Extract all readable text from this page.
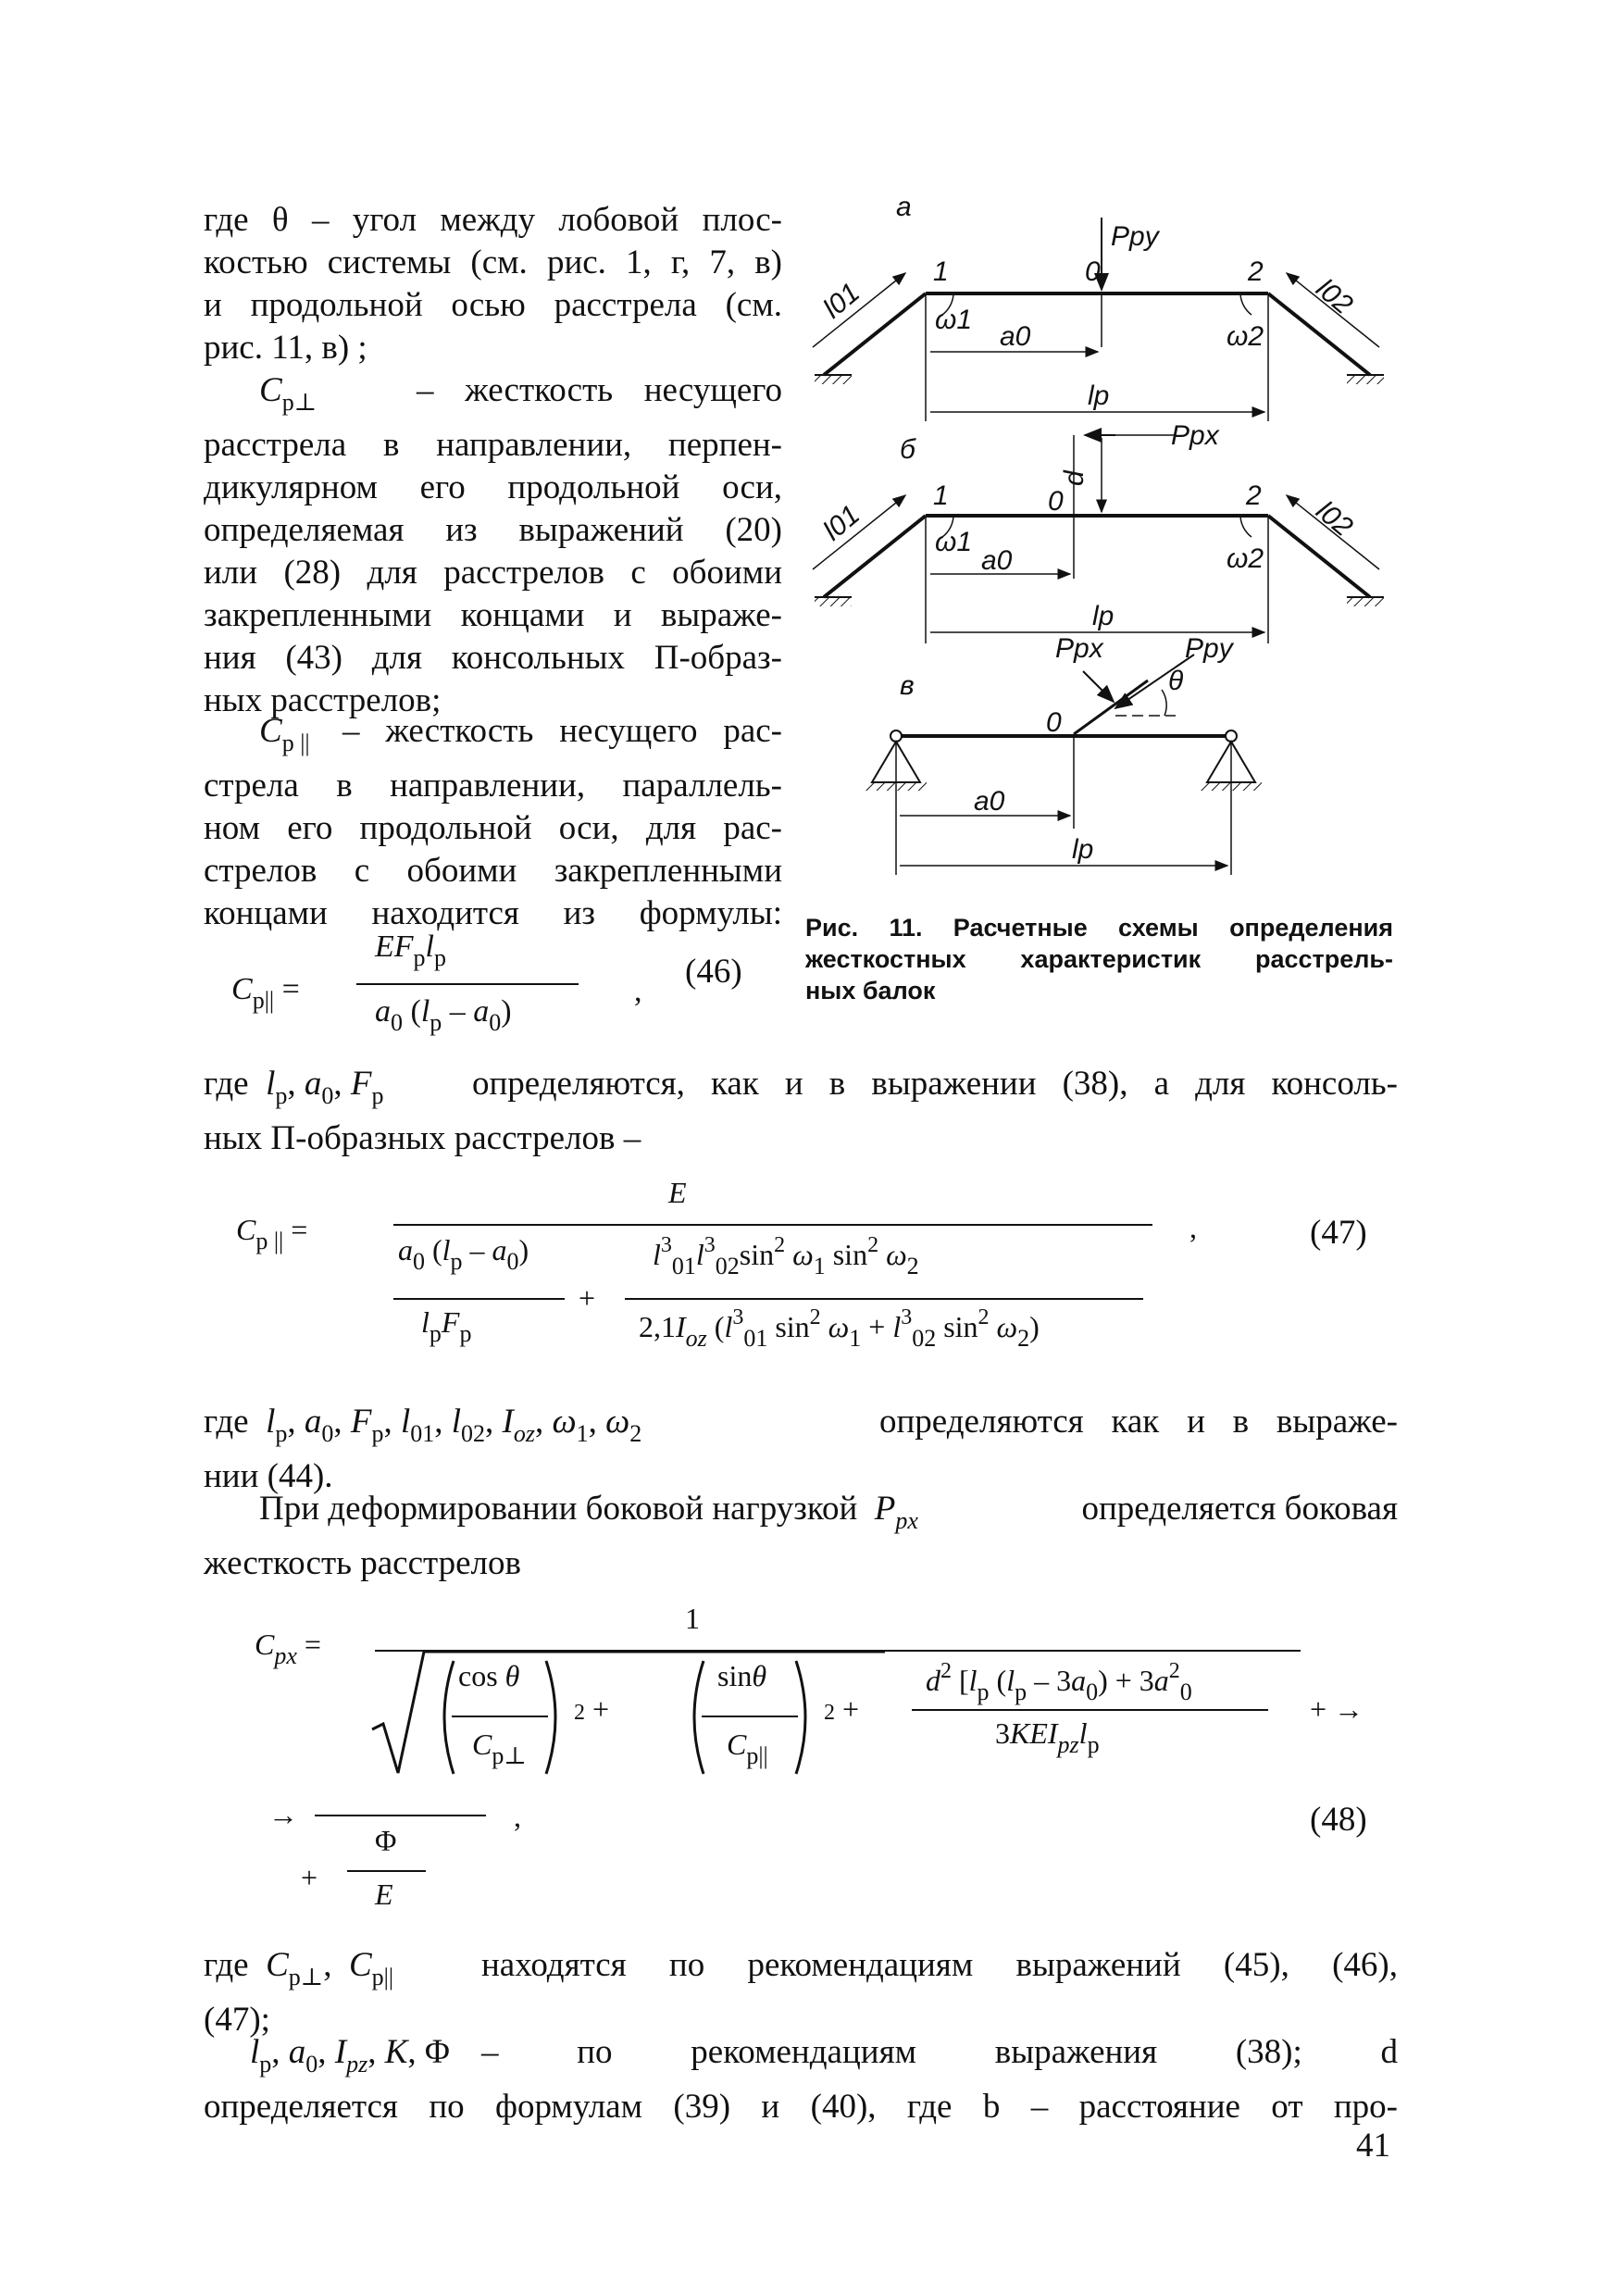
где θ – угол между лобовой плос-
костью системы (см. рис. 1, г, 7, в)
и продольной осью расстрела (см.
рис. 11, в) ;
$C_{p\perp}$	– жесткость несущего
расстрела в направлении, перпен-
дикулярном его продольной оси,
определяемая из выражений (20)
или (28) для расстрелов с обоими
закрепленными концами и выраже-
ния (43) для консольных П-образ-
ных расстрелов;
$C_{p ||}$ – жесткость несущего рас-
стрела в направлении, параллель-
ном его продольной оси, для рас-
стрелов с обоими закрепленными
концами находится из формулы:
$C_{p||}$ =
$EF_pl_p$
$a_0$ $(l_p - a_0)$
,
(46)
а
1	0	2
Ppy
l01	l02
ω1
ω2
a0
lp
б
1	0	2
Ppx
d
l01	l02
ω1
ω2
a0
lp
в
Ppx	Ppy
θ
0
a0
lp
Рис. 11. Расчетные схемы определения
жесткостных характеристик расстрель-
ных балок
где  $l_p$, $a_0$, $F_p$	определяются, как и в выражении (38), а для консоль-
ных П-образных расстрелов –
$C_{p ||}$ =
E
$a_0$ $(l_p - a_0)$	$l^3_{01}l^3_{02}\sin^2$ $\omega_1$ $\sin^2 \omega_2$
,	(47)
+
$l_pF_p$	$2,1I_{oz}$ ($l^3_{01}$ $\sin^2 \omega_1 + l^3_{02}$ $\sin^2 \omega_2$)
где  $l_p$, $a_0$, $F_p$, $l_{01}$, $l_{02}$, $I_{oz}$, $\omega_1$, $\omega_2$	определяются как и в выраже-
нии (44).
При деформировании боковой нагрузкой $P_{px}$	определяется боковая
жесткость расстрелов
$C_{px}$ =
1
cos θ
$C_{p\perp}$
2 +
sinθ
$C_{p||}$
2 +
$d^2$ [$l_p$ $(l_p - 3a_0) + 3a^2_0$
$3KEI_{pz}l_p$
+ →
→	,
Φ
+ E
(48)
где  $C_{p\perp}$,  $C_{p||}$	находятся по рекомендациям выражений (45), (46),
(47);
$l_p$, $a_0$, $I_{pz}$, K, Φ – по рекомендациям выражения (38); d
определяется по формулам (39) и (40), где b – расстояние от про-
41
